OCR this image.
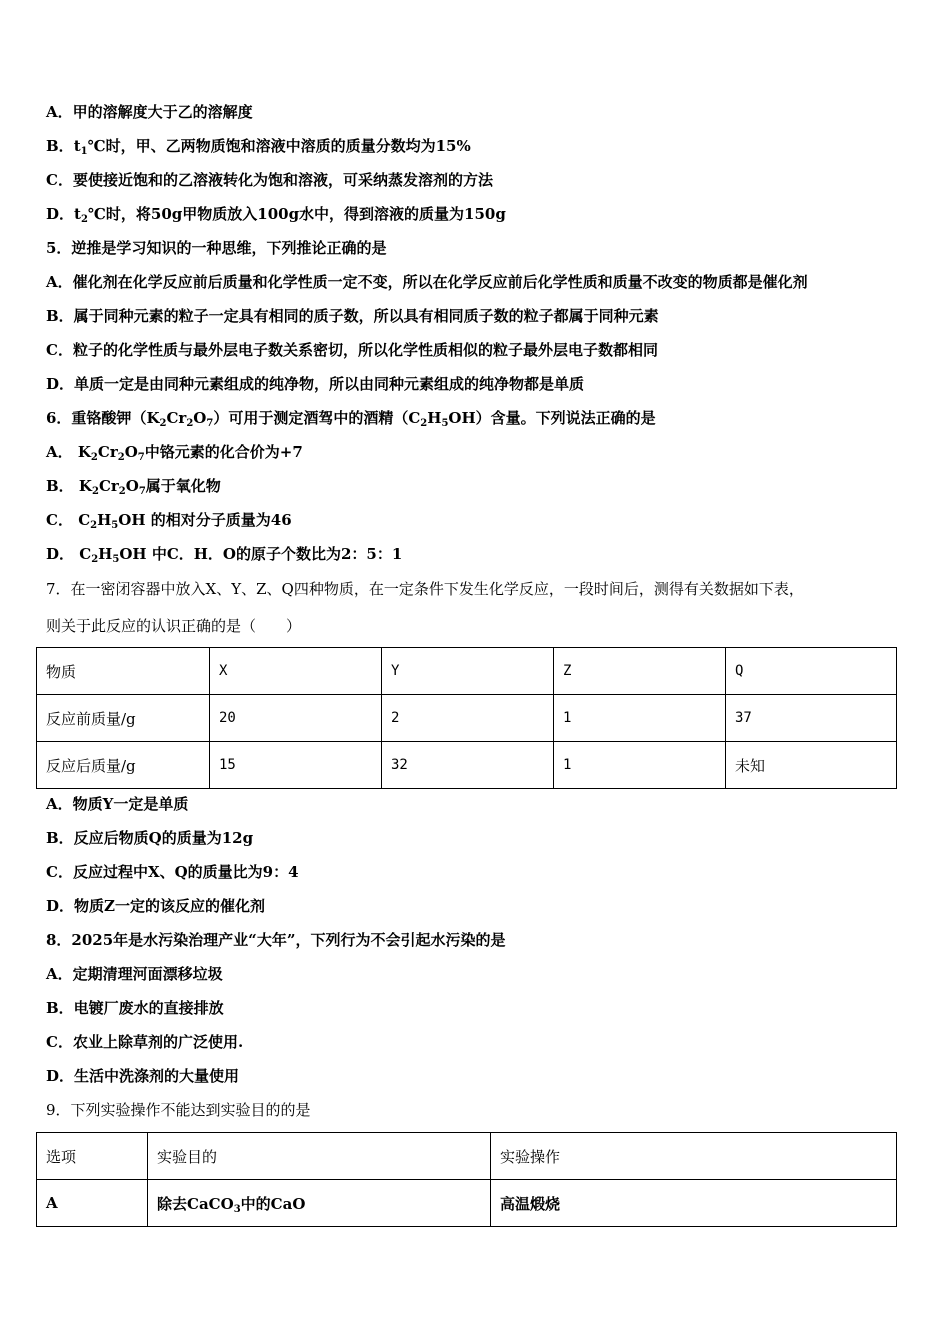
A．甲的溶解度大于乙的溶解度
B．$t_1℃$时，甲、乙两物质饱和溶液中溶质的质量分数均为15%
C．要使接近饱和的乙溶液转化为饱和溶液，可采纳蒸发溶剂的方法
D．$t_2℃$时，将50g甲物质放入100g水中，得到溶液的质量为150g
5．逆推是学习知识的一种思维，下列推论正确的是
A．催化剂在化学反应前后质量和化学性质一定不变，所以在化学反应前后化学性质和质量不改变的物质都是催化剂
B．属于同种元素的粒子一定具有相同的质子数，所以具有相同质子数的粒子都属于同种元素
C．粒子的化学性质与最外层电子数关系密切，所以化学性质相似的粒子最外层电子数都相同
D．单质一定是由同种元素组成的纯净物，所以由同种元素组成的纯净物都是单质
6．重铬酸钾$(K_2Cr_2O_7)$可用于测定酒驾中的酒精$(C_2H_5OH)$含量。下列说法正确的是
A． $K_2Cr_2O_7$中铬元素的化合价为+7
B． $K_2Cr_2O_7$属于氧化物
C． $C_2H_5OH$ 的相对分子质量为46
D． $C_2H_5OH$ 中C．H．O的原子个数比为2：5：1
7．在一密闭容器中放入X、Y、Z、Q四种物质，在一定条件下发生化学反应，一段时间后，测得有关数据如下表，
则关于此反应的认识正确的是（　　）
物质	X	Y	Z	Q
反应前质量/g	20	2	1	37
反应后质量/g	15	32	1	未知
A．物质Y一定是单质
B．反应后物质Q的质量为12g
C．反应过程中X、Q的质量比为9：4
D．物质Z一定的该反应的催化剂
8．2025年是水污染治理产业“大年”，下列行为不会引起水污染的是
A．定期清理河面漂移垃圾
B．电镀厂废水的直接排放
C．农业上除草剂的广泛使用.
D．生活中洗涤剂的大量使用
9．下列实验操作不能达到实验目的的是
选项	实验目的	实验操作
A	除去CaCO$_3$中的CaO	高温煅烧
